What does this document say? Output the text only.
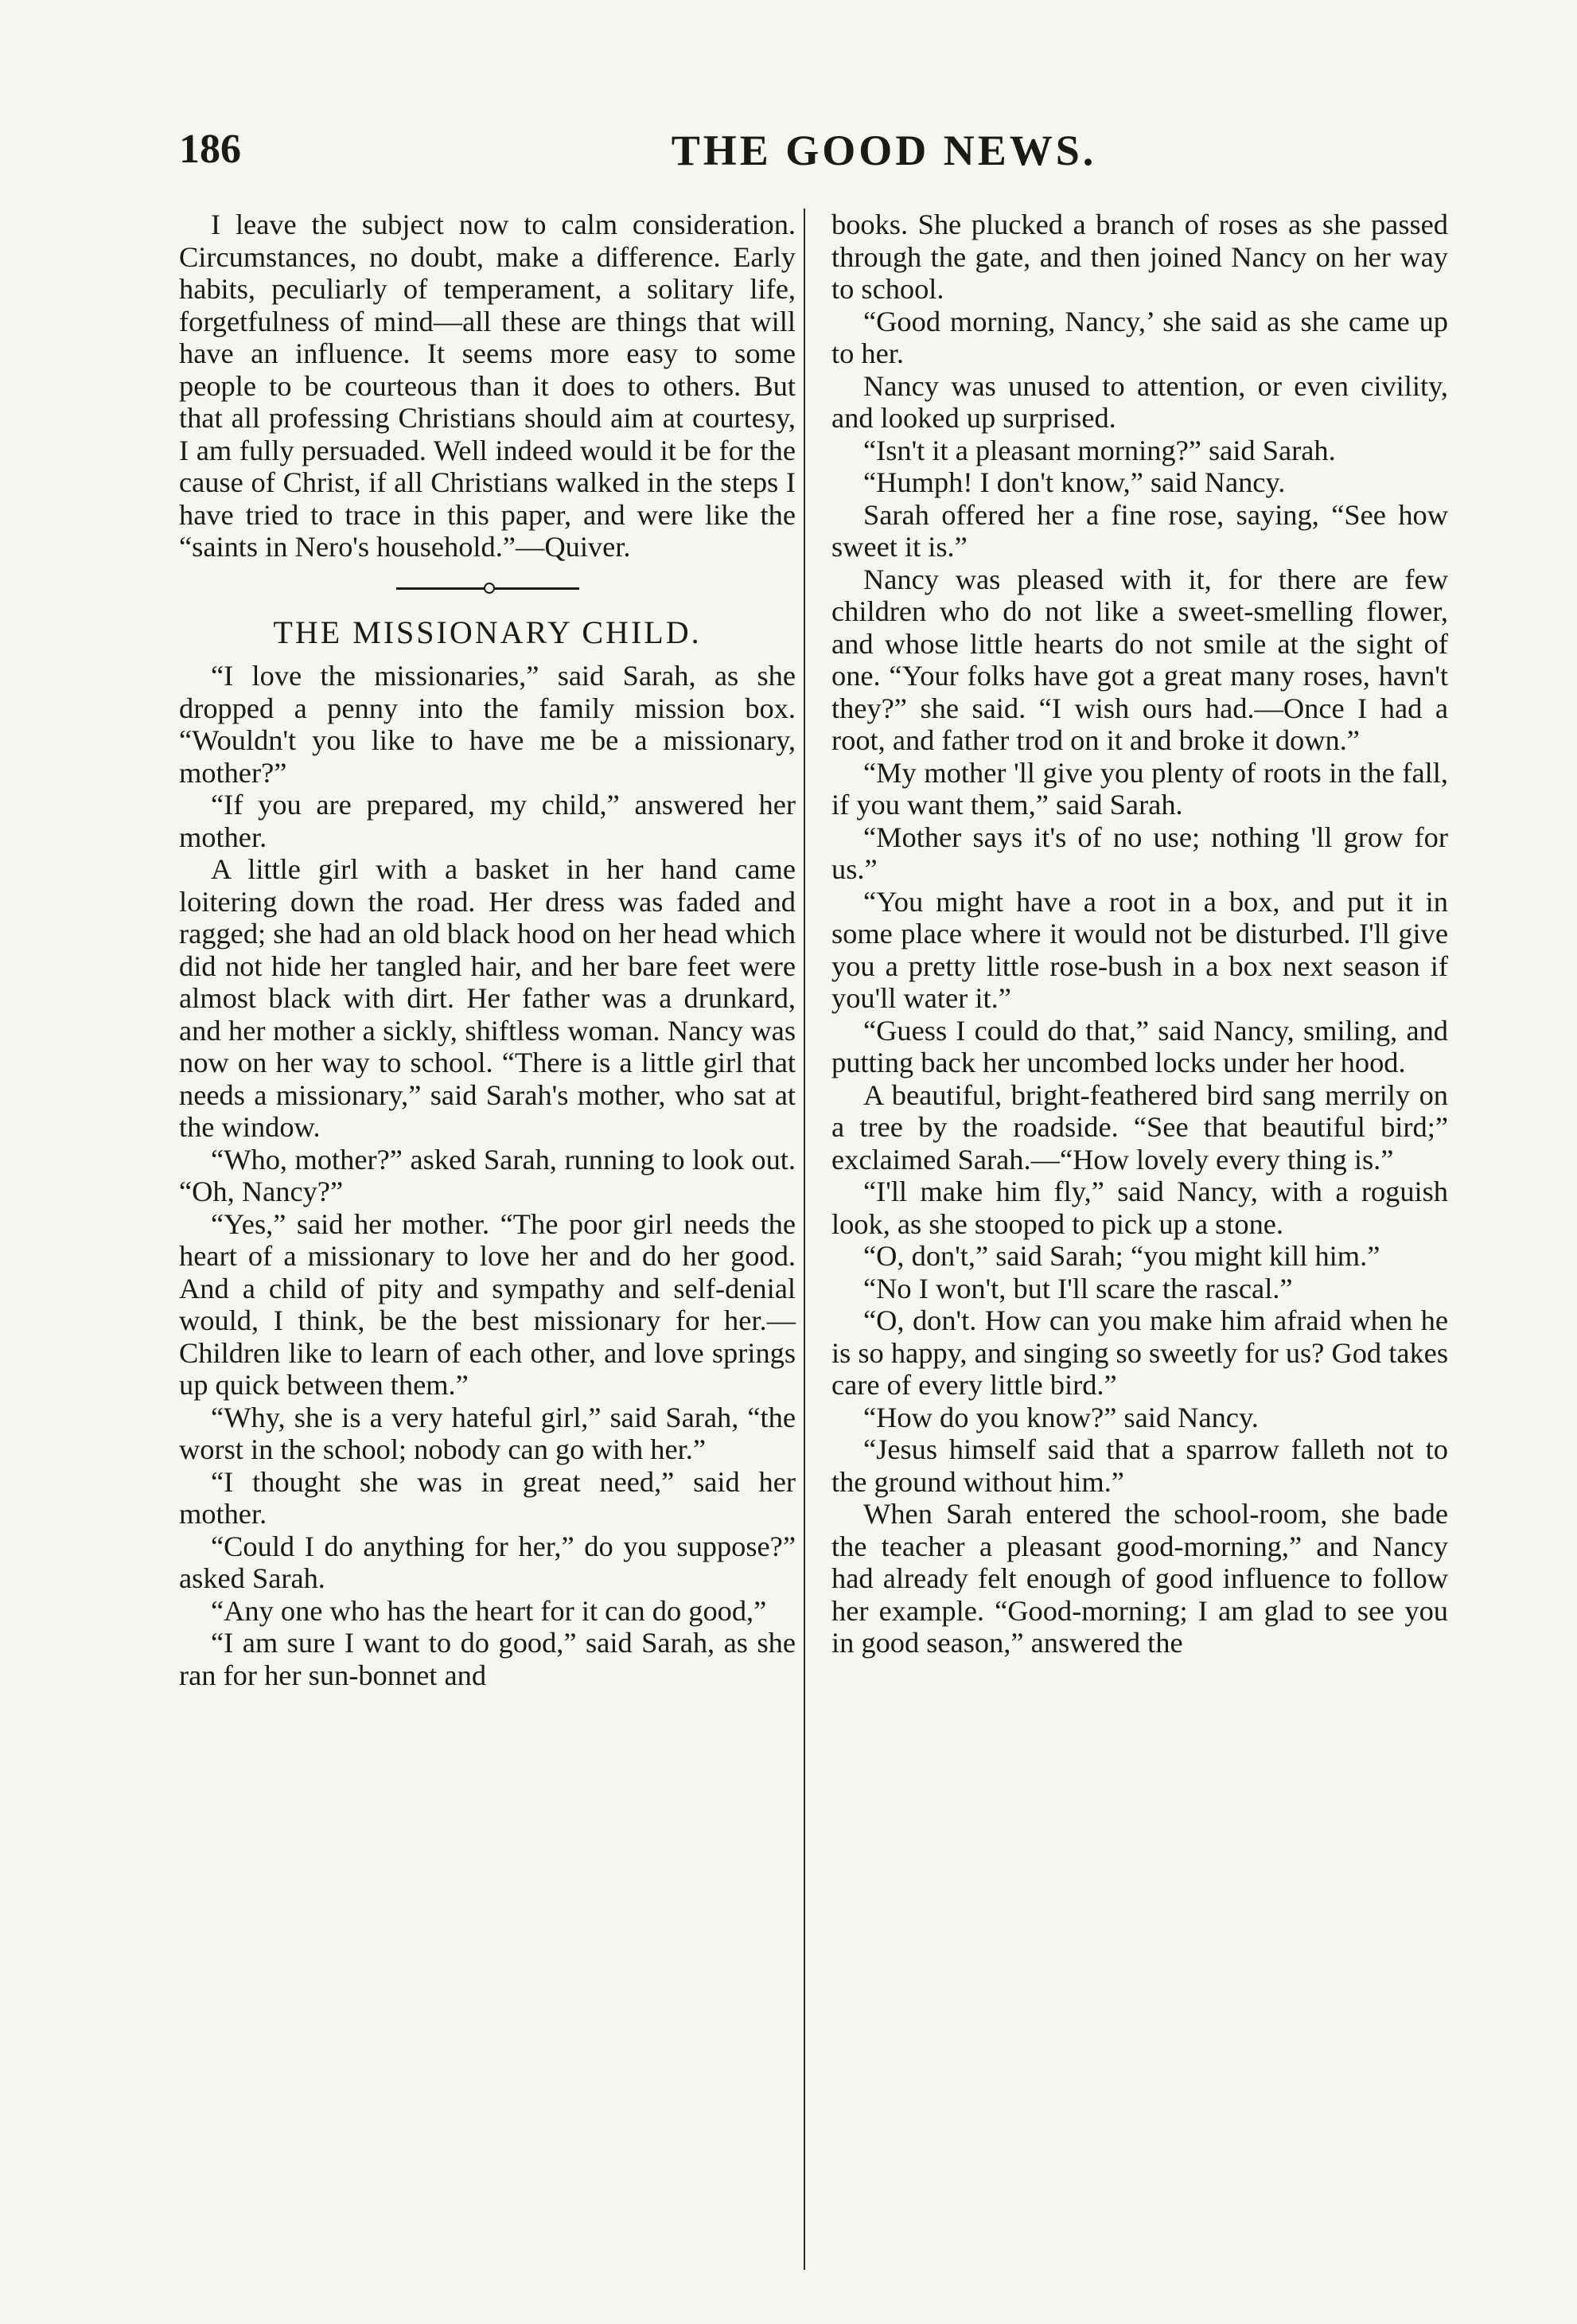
186	THE GOOD NEWS.

I leave the subject now to calm consideration. Circumstances, no doubt, make a difference. Early habits, peculiarly of temperament, a solitary life, forgetfulness of mind—all these are things that will have an influence. It seems more easy to some people to be courteous than it does to others. But that all professing Christians should aim at courtesy, I am fully persuaded. Well indeed would it be for the cause of Christ, if all Christians walked in the steps I have tried to trace in this paper, and were like the “saints in Nero's household.”—Quiver.

THE MISSIONARY CHILD.

“I love the missionaries,” said Sarah, as she dropped a penny into the family mission box. “Wouldn't you like to have me be a missionary, mother?”

“If you are prepared, my child,” answered her mother.

A little girl with a basket in her hand came loitering down the road. Her dress was faded and ragged; she had an old black hood on her head which did not hide her tangled hair, and her bare feet were almost black with dirt. Her father was a drunkard, and her mother a sickly, shiftless woman. Nancy was now on her way to school. “There is a little girl that needs a missionary,” said Sarah's mother, who sat at the window.

“Who, mother?” asked Sarah, running to look out. “Oh, Nancy?”

“Yes,” said her mother. “The poor girl needs the heart of a missionary to love her and do her good. And a child of pity and sympathy and self-denial would, I think, be the best missionary for her.—Children like to learn of each other, and love springs up quick between them.”

“Why, she is a very hateful girl,” said Sarah, “the worst in the school; nobody can go with her.”

“I thought she was in great need,” said her mother.

“Could I do anything for her,” do you suppose?” asked Sarah.

“Any one who has the heart for it can do good,”

“I am sure I want to do good,” said Sarah, as she ran for her sun-bonnet and

books. She plucked a branch of roses as she passed through the gate, and then joined Nancy on her way to school.

“Good morning, Nancy,’ she said as she came up to her.

Nancy was unused to attention, or even civility, and looked up surprised.

“Isn't it a pleasant morning?” said Sarah.

“Humph! I don't know,” said Nancy.

Sarah offered her a fine rose, saying, “See how sweet it is.”

Nancy was pleased with it, for there are few children who do not like a sweet-smelling flower, and whose little hearts do not smile at the sight of one. “Your folks have got a great many roses, havn't they?” she said. “I wish ours had.—Once I had a root, and father trod on it and broke it down.”

“My mother 'll give you plenty of roots in the fall, if you want them,” said Sarah.

“Mother says it's of no use; nothing 'll grow for us.”

“You might have a root in a box, and put it in some place where it would not be disturbed. I'll give you a pretty little rose-bush in a box next season if you'll water it.”

“Guess I could do that,” said Nancy, smiling, and putting back her uncombed locks under her hood.

A beautiful, bright-feathered bird sang merrily on a tree by the roadside. “See that beautiful bird;” exclaimed Sarah.—“How lovely every thing is.”

“I'll make him fly,” said Nancy, with a roguish look, as she stooped to pick up a stone.

“O, don't,” said Sarah; “you might kill him.”

“No I won't, but I'll scare the rascal.”

“O, don't. How can you make him afraid when he is so happy, and singing so sweetly for us? God takes care of every little bird.”

“How do you know?” said Nancy.

“Jesus himself said that a sparrow falleth not to the ground without him.”

When Sarah entered the school-room, she bade the teacher a pleasant good-morning,” and Nancy had already felt enough of good influence to follow her example. “Good-morning; I am glad to see you in good season,” answered the
